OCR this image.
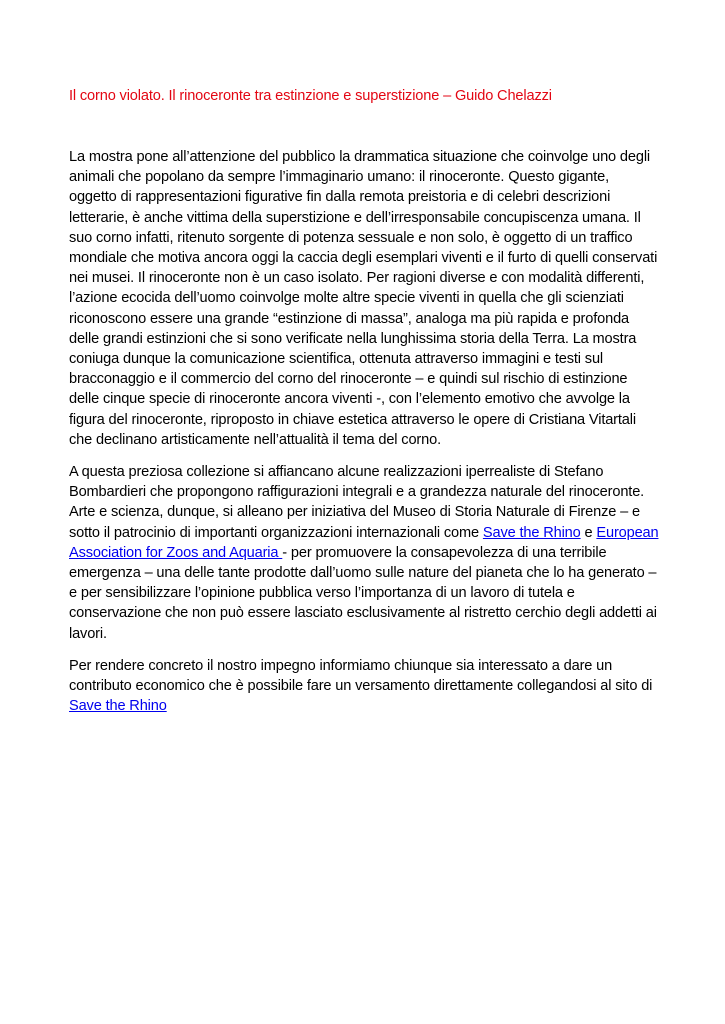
Il corno violato. Il rinoceronte tra estinzione e superstizione – Guido Chelazzi

La mostra pone all’attenzione del pubblico la drammatica situazione che coinvolge uno degli animali che popolano da sempre l’immaginario umano: il rinoceronte. Questo gigante, oggetto di rappresentazioni figurative fin dalla remota preistoria e di celebri descrizioni letterarie, è anche vittima della superstizione e dell’irresponsabile concupiscenza umana. Il suo corno infatti, ritenuto sorgente di potenza sessuale e non solo, è oggetto di un traffico mondiale che motiva ancora oggi la caccia degli esemplari viventi e il furto di quelli conservati nei musei. Il rinoceronte non è un caso isolato. Per ragioni diverse e con modalità differenti, l’azione ecocida dell’uomo coinvolge molte altre specie viventi in quella che gli scienziati riconoscono essere una grande “estinzione di massa”, analoga ma più rapida e profonda delle grandi estinzioni che si sono verificate nella lunghissima storia della Terra. La mostra coniuga dunque la comunicazione scientifica, ottenuta attraverso immagini e testi sul bracconaggio e il commercio del corno del rinoceronte – e quindi sul rischio di estinzione delle cinque specie di rinoceronte ancora viventi -, con l’elemento emotivo che avvolge la figura del rinoceronte, riproposto in chiave estetica attraverso le opere di Cristiana Vitartali che declinano artisticamente nell’attualità il tema del corno.

A questa preziosa collezione si affiancano alcune realizzazioni iperrealiste di Stefano Bombardieri che propongono raffigurazioni integrali e a grandezza naturale del rinoceronte. Arte e scienza, dunque, si alleano per iniziativa del Museo di Storia Naturale di Firenze – e sotto il patrocinio di importanti organizzazioni internazionali come Save the Rhino e European Association for Zoos and Aquaria - per promuovere la consapevolezza di una terribile emergenza – una delle tante prodotte dall’uomo sulle nature del pianeta che lo ha generato – e per sensibilizzare l’opinione pubblica verso l’importanza di un lavoro di tutela e conservazione che non può essere lasciato esclusivamente al ristretto cerchio degli addetti ai lavori.

Per rendere concreto il nostro impegno informiamo chiunque sia interessato a dare un contributo economico che è possibile fare un versamento direttamente collegandosi al sito di Save the Rhino
